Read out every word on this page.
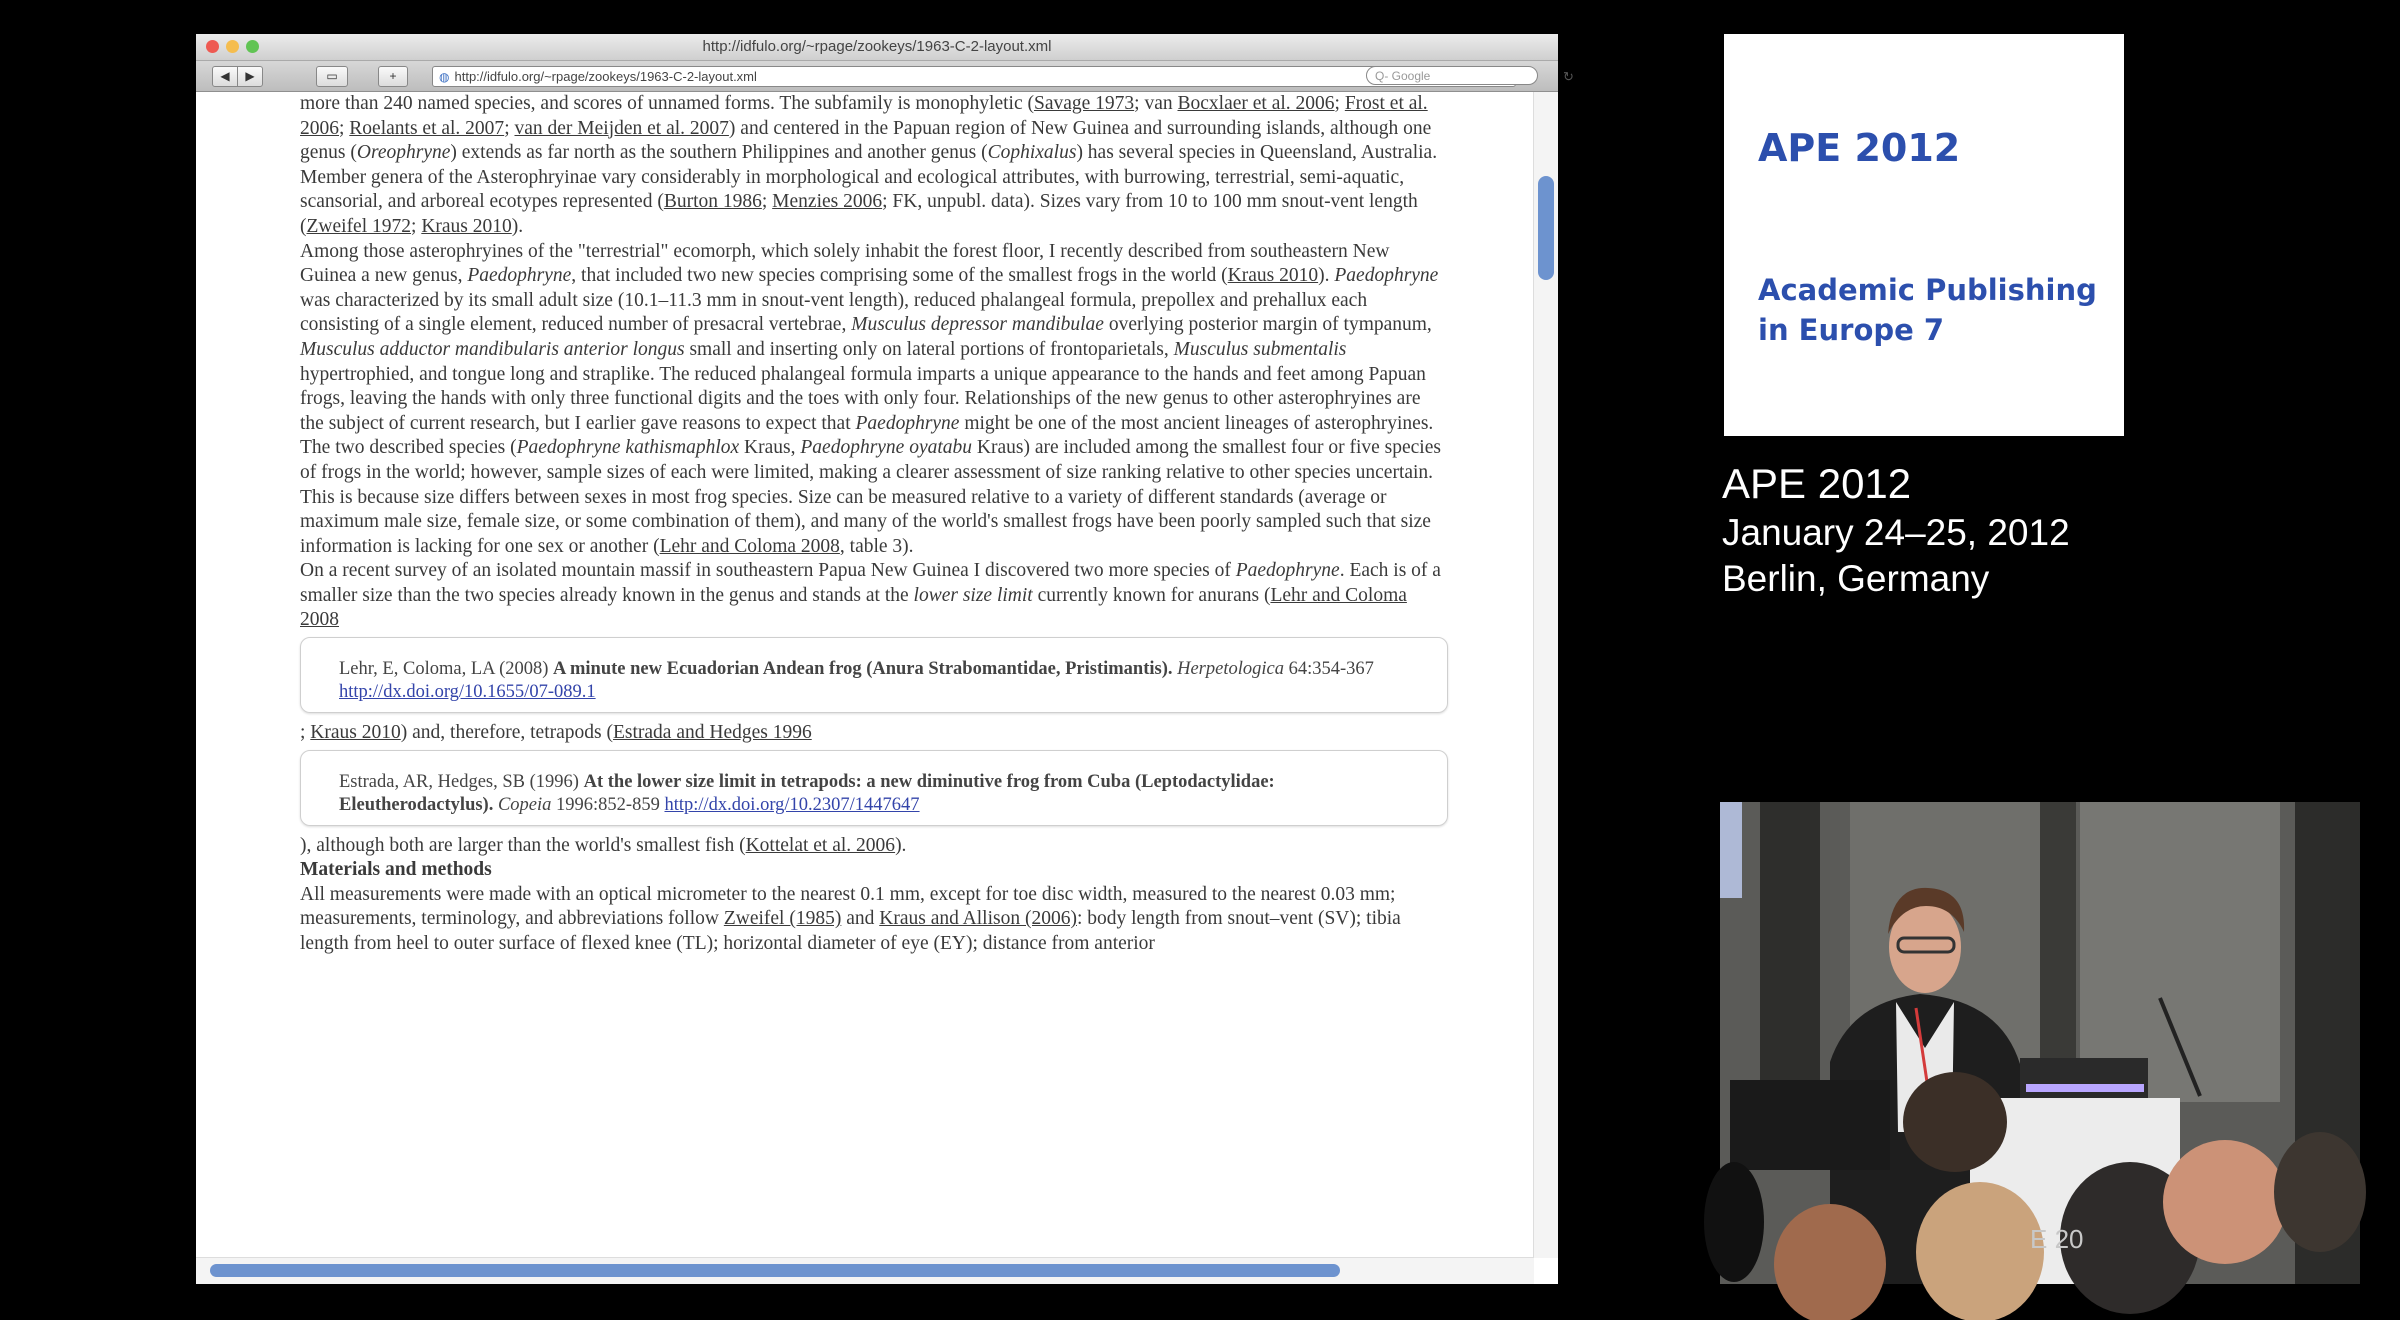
http://idfulo.org/~rpage/zookeys/1963-C-2-layout.xml
◀	▶	▭	+	◍ http://idfulo.org/~rpage/zookeys/1963-C-2-layout.xml	↻
Q- Google

more than 240 named species, and scores of unnamed forms. The subfamily is monophyletic (Savage 1973; van Bocxlaer et al. 2006; Frost et al. 2006; Roelants et al. 2007; van der Meijden et al. 2007) and centered in the Papuan region of New Guinea and surrounding islands, although one genus (Oreophryne) extends as far north as the southern Philippines and another genus (Cophixalus) has several species in Queensland, Australia. Member genera of the Asterophryinae vary considerably in morphological and ecological attributes, with burrowing, terrestrial, semi-aquatic, scansorial, and arboreal ecotypes represented (Burton 1986; Menzies 2006; FK, unpubl. data). Sizes vary from 10 to 100 mm snout-vent length (Zweifel 1972; Kraus 2010).

Among those asterophryines of the "terrestrial" ecomorph, which solely inhabit the forest floor, I recently described from southeastern New Guinea a new genus, Paedophryne, that included two new species comprising some of the smallest frogs in the world (Kraus 2010). Paedophryne was characterized by its small adult size (10.1–11.3 mm in snout-vent length), reduced phalangeal formula, prepollex and prehallux each consisting of a single element, reduced number of presacral vertebrae, Musculus depressor mandibulae overlying posterior margin of tympanum, Musculus adductor mandibularis anterior longus small and inserting only on lateral portions of frontoparietals, Musculus submentalis hypertrophied, and tongue long and straplike. The reduced phalangeal formula imparts a unique appearance to the hands and feet among Papuan frogs, leaving the hands with only three functional digits and the toes with only four. Relationships of the new genus to other asterophryines are the subject of current research, but I earlier gave reasons to expect that Paedophryne might be one of the most ancient lineages of asterophryines. The two described species (Paedophryne kathismaphlox Kraus, Paedophryne oyatabu Kraus) are included among the smallest four or five species of frogs in the world; however, sample sizes of each were limited, making a clearer assessment of size ranking relative to other species uncertain. This is because size differs between sexes in most frog species. Size can be measured relative to a variety of different standards (average or maximum male size, female size, or some combination of them), and many of the world's smallest frogs have been poorly sampled such that size information is lacking for one sex or another (Lehr and Coloma 2008, table 3).

On a recent survey of an isolated mountain massif in southeastern Papua New Guinea I discovered two more species of Paedophryne. Each is of a smaller size than the two species already known in the genus and stands at the lower size limit currently known for anurans (Lehr and Coloma 2008

Lehr, E, Coloma, LA (2008) A minute new Ecuadorian Andean frog (Anura Strabomantidae, Pristimantis). Herpetologica 64:354-367 http://dx.doi.org/10.1655/07-089.1

; Kraus 2010) and, therefore, tetrapods (Estrada and Hedges 1996

Estrada, AR, Hedges, SB (1996) At the lower size limit in tetrapods: a new diminutive frog from Cuba (Leptodactylidae: Eleutherodactylus). Copeia 1996:852-859 http://dx.doi.org/10.2307/1447647

), although both are larger than the world's smallest fish (Kottelat et al. 2006).

Materials and methods

All measurements were made with an optical micrometer to the nearest 0.1 mm, except for toe disc width, measured to the nearest 0.03 mm; measurements, terminology, and abbreviations follow Zweifel (1985) and Kraus and Allison (2006): body length from snout–vent (SV); tibia length from heel to outer surface of flexed knee (TL); horizontal diameter of eye (EY); distance from anterior

APE 2012
Academic Publishing
in Europe 7
APE 2012
January 24–25, 2012
Berlin, Germany
E 20
